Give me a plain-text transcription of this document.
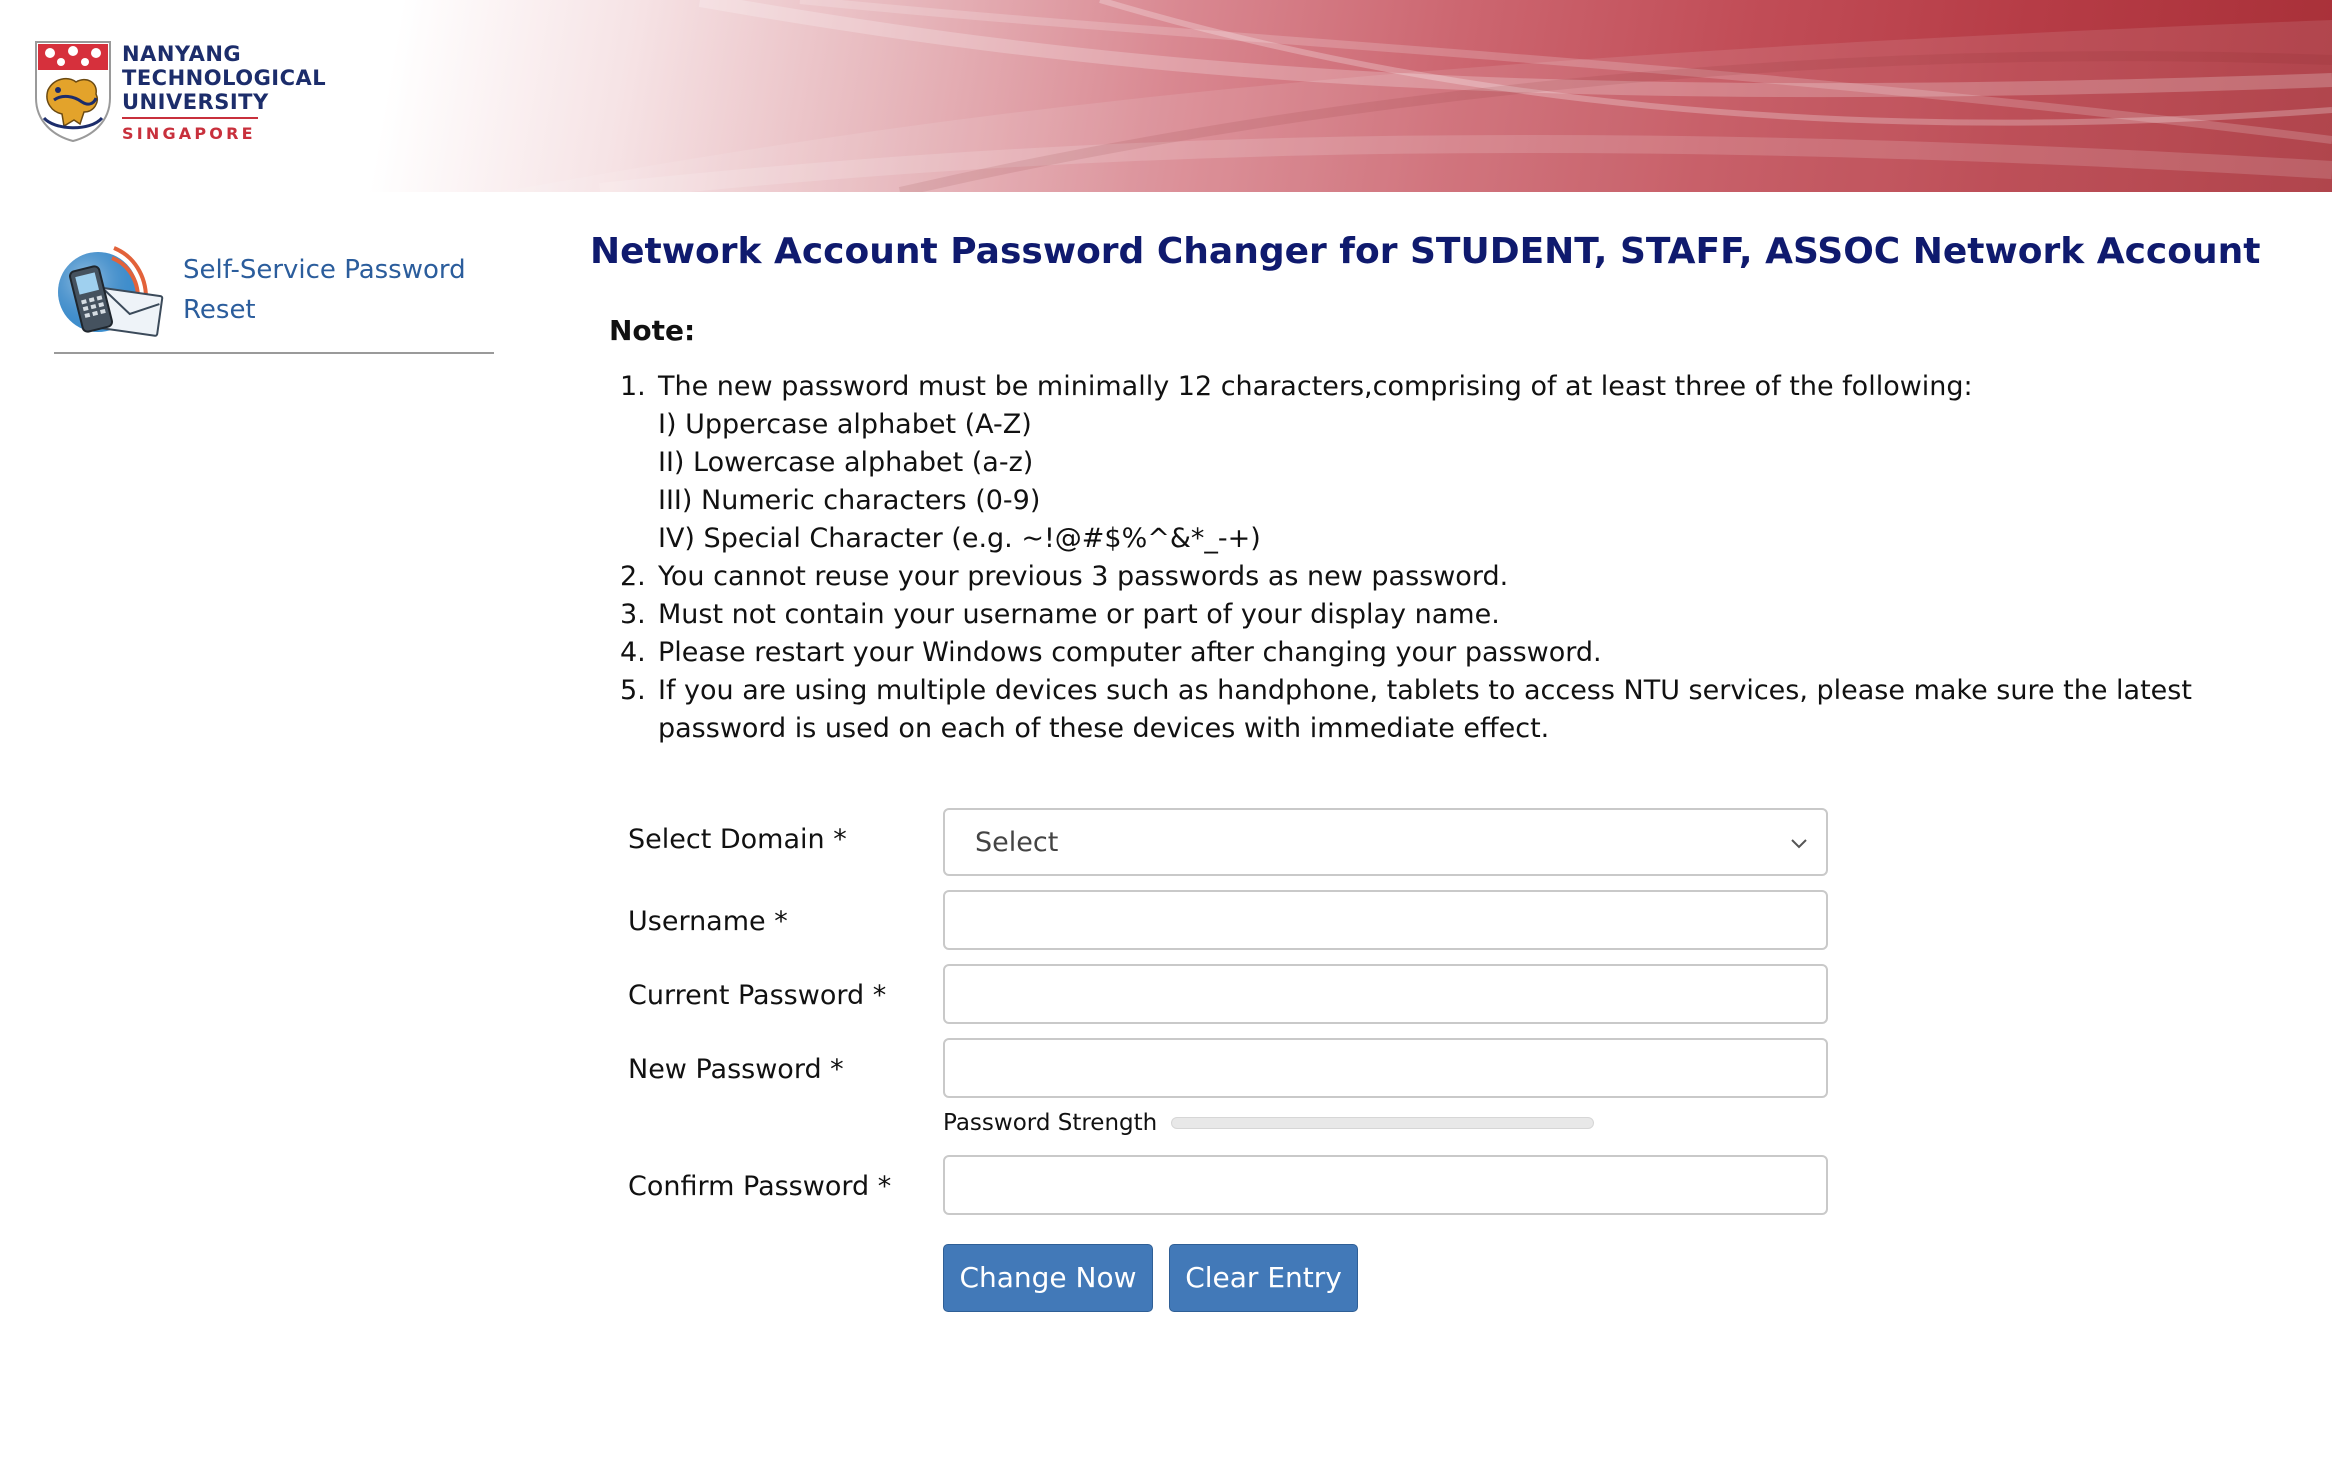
NANYANG
TECHNOLOGICAL
UNIVERSITY
SINGAPORE
Self-Service Password Reset
Network Account Password Changer for STUDENT, STAFF, ASSOC Network Account
Note:
1. The new password must be minimally 12 characters,comprising of at least three of the following:
I) Uppercase alphabet (A-Z)
II) Lowercase alphabet (a-z)
III) Numeric characters (0-9)
IV) Special Character (e.g. ~!@#$%^&*_-+)
2. You cannot reuse your previous 3 passwords as new password.
3. Must not contain your username or part of your display name.
4. Please restart your Windows computer after changing your password.
5. If you are using multiple devices such as handphone, tablets to access NTU services, please make sure the latest password is used on each of these devices with immediate effect.
Select Domain *	Select
Username *
Current Password *
New Password *
Password Strength
Confirm Password *
Change Now	Clear Entry
